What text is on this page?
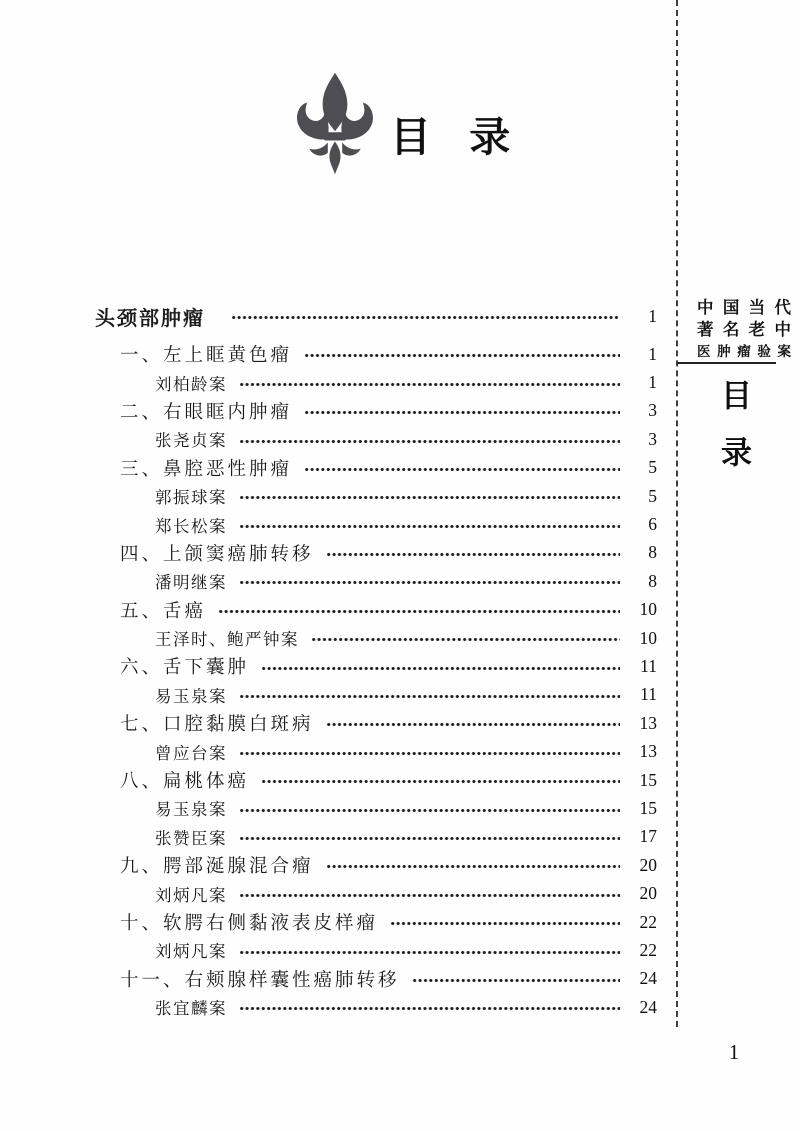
目 录
头颈部肿瘤	1
一、左上眶黄色瘤	1
刘柏龄案	1
二、右眼眶内肿瘤	3
张尧贞案	3
三、鼻腔恶性肿瘤	5
郭振球案	5
郑长松案	6
四、上颌窦癌肺转移	8
潘明继案	8
五、舌癌	10
王泽时、鲍严钟案	10
六、舌下囊肿	11
易玉泉案	11
七、口腔黏膜白斑病	13
曾应台案	13
八、扁桃体癌	15
易玉泉案	15
张赞臣案	17
九、腭部涎腺混合瘤	20
刘炳凡案	20
十、软腭右侧黏液表皮样瘤	22
刘炳凡案	22
十一、右颊腺样囊性癌肺转移	24
张宜麟案	24
中 国 当 代
著 名 老 中
医 肿 瘤 验 案
目录
1
